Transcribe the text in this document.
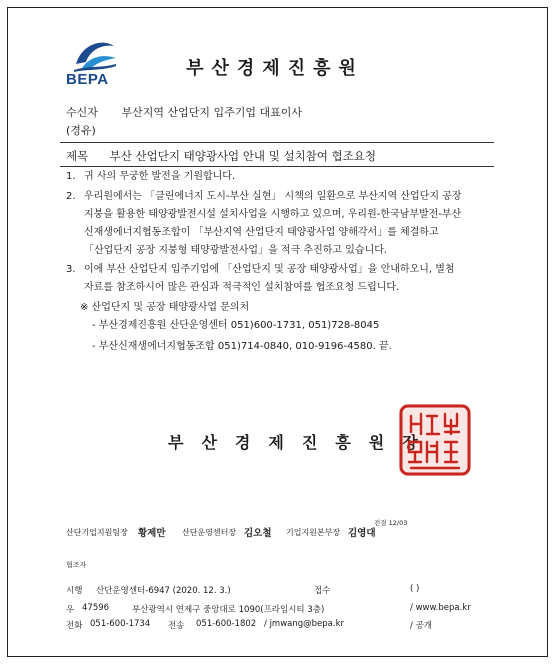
BEPA
부산경제진흥원
수신자 부산지역 산업단지 입주기업 대표이사
(경유)
제목 부산 산업단지 태양광사업 안내 및 설치참여 협조요청
1. 귀 사의 무궁한 발전을 기원합니다.
2. 우리원에서는 「클린에너지 도시-부산 실현」 시책의 일환으로 부산지역 산업단지 공장
지붕을 활용한 태양광발전시설 설치사업을 시행하고 있으며, 우리원-한국남부발전-부산
신재생에너지협동조합이 「부산지역 산업단지 태양광사업 양해각서」를 체결하고
「산업단지 공장 지붕형 태양광발전사업」을 적극 추진하고 있습니다.
3. 이에 부산 산업단지 입주기업에 「산업단지 및 공장 태양광사업」을 안내하오니, 별첨
자료를 참조하시어 많은 관심과 적극적인 설치참여를 협조요청 드립니다.
※ 산업단지 및 공장 태양광사업 문의처
- 부산경제진흥원 산단운영센터 051)600-1731, 051)728-8045
- 부산신재생에너지협동조합 051)714-0840, 010-9196-4580. 끝.
부산경제진흥원장
전결 12/03
산단기업지원팀장 황제만 산단운영센터장 김오철 기업지원본부장 김영대
협조자
시행 산단운영센터-6947 (2020. 12. 3.)	접수	( )
우 47596	부산광역시 연제구 중앙대로 1090(프라임시티 3층)	/ www.bepa.kr
전화 051-600-1734 전송 051-600-1802 / jmwang@bepa.kr	/ 공개
